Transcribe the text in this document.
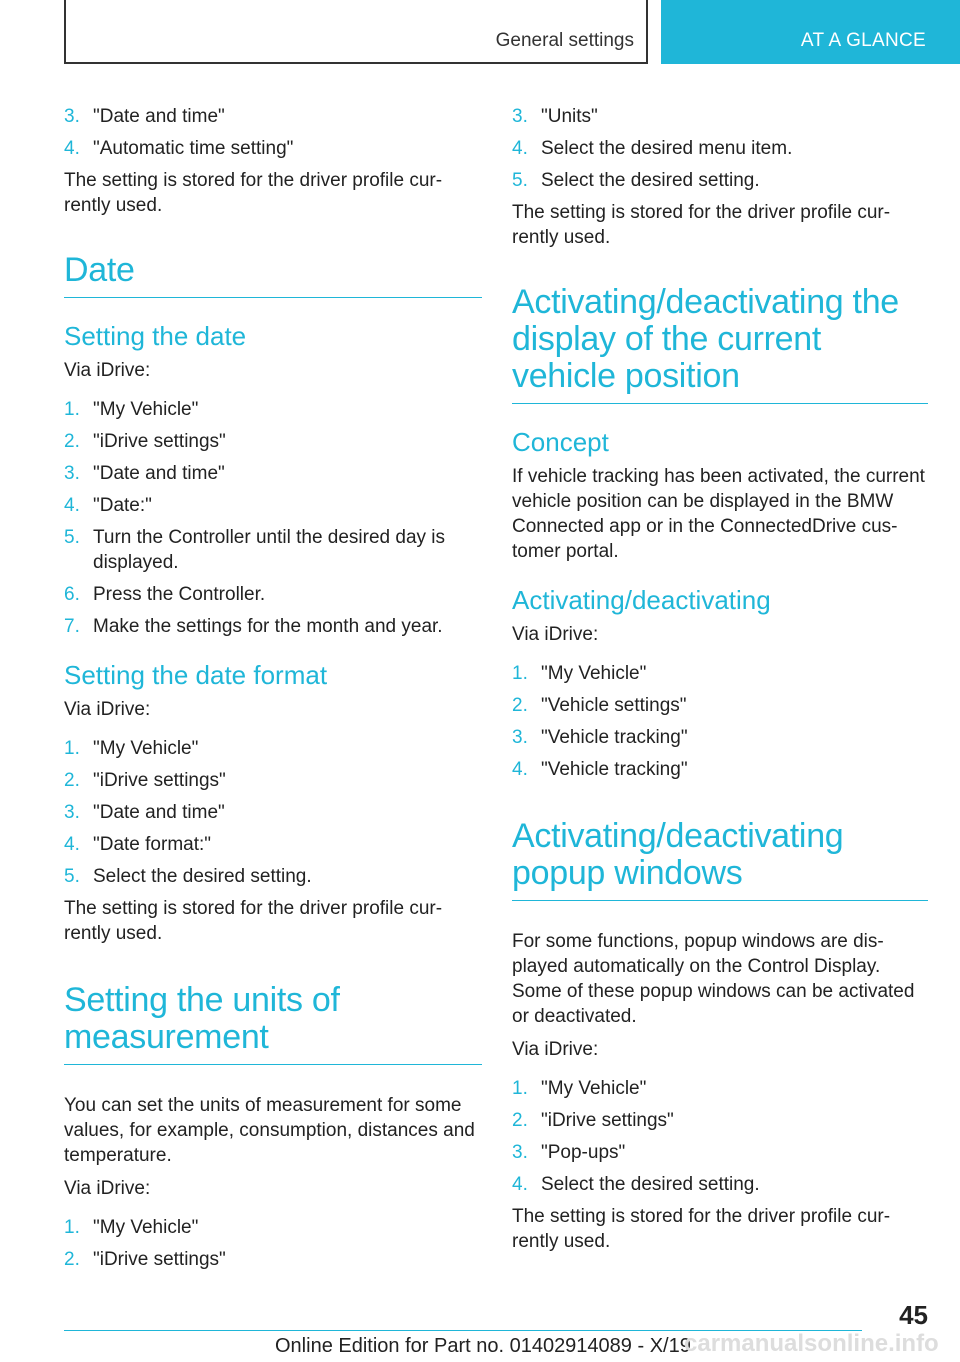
General settings	AT A GLANCE
3. "Date and time"
4. "Automatic time setting"

The setting is stored for the driver profile cur‐ rently used.

Date
Setting the date

Via iDrive:

1. "My Vehicle"
2. "iDrive settings"
3. "Date and time"
4. "Date:"
5. Turn the Controller until the desired day is displayed.
6. Press the Controller.
7. Make the settings for the month and year.
Setting the date format

Via iDrive:

1. "My Vehicle"
2. "iDrive settings"
3. "Date and time"
4. "Date format:"
5. Select the desired setting.

The setting is stored for the driver profile cur‐ rently used.

Setting the units of measurement

You can set the units of measurement for some values, for example, consumption, distances and temperature.

Via iDrive:

1. "My Vehicle"
2. "iDrive settings"
3. "Units"
4. Select the desired menu item.
5. Select the desired setting.

The setting is stored for the driver profile cur‐ rently used.

Activating/deactivating the display of the current vehicle position
Concept

If vehicle tracking has been activated, the current vehicle position can be displayed in the BMW Connected app or in the ConnectedDrive cus‐ tomer portal.

Activating/deactivating

Via iDrive:

1. "My Vehicle"
2. "Vehicle settings"
3. "Vehicle tracking"
4. "Vehicle tracking"
Activating/deactivating popup windows

For some functions, popup windows are dis‐ played automatically on the Control Display. Some of these popup windows can be activated or deactivated.

Via iDrive:

1. "My Vehicle"
2. "iDrive settings"
3. "Pop-ups"
4. Select the desired setting.

The setting is stored for the driver profile cur‐ rently used.

45
Online Edition for Part no. 01402914089 - X/19
carmanualsonline.info
